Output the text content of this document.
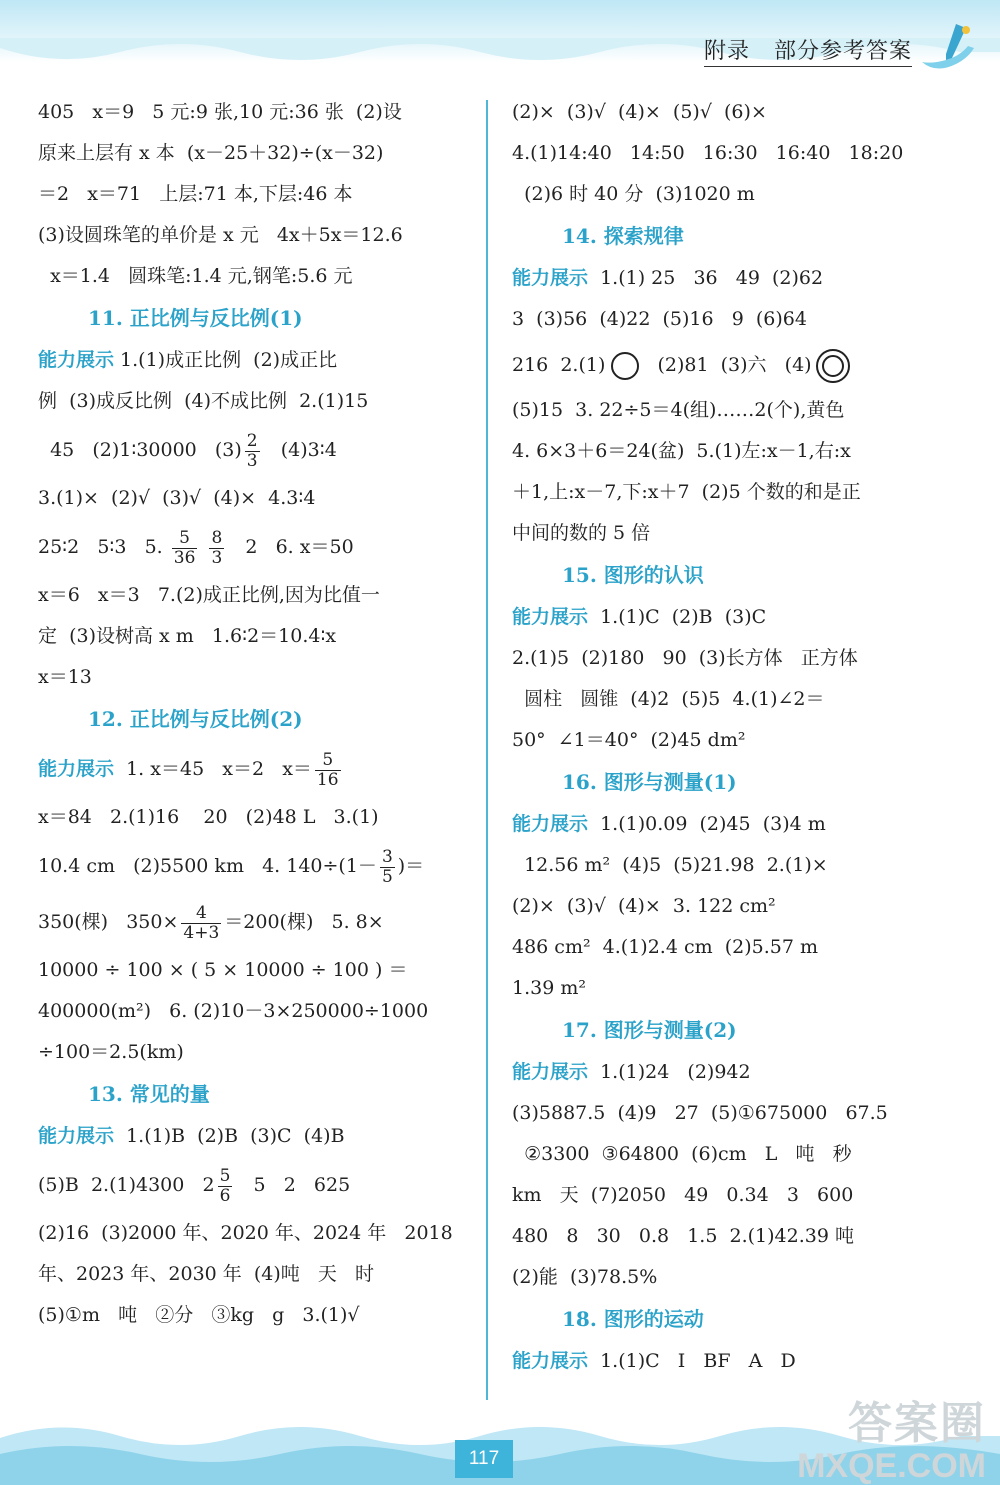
附录 部分参考答案
405   x＝9   5 元:9 张,10 元:36 张  (2)设
原来上层有 x 本  (x－25＋32)÷(x－32)
＝2   x＝71   上层:71 本,下层:46 本
(3)设圆珠笔的单价是 x 元   4x＋5x＝12.6
x＝1.4   圆珠笔:1.4 元,钢笔:5.6 元
11. 正比例与反比例(1)
能力展示 1.(1)成正比例  (2)成正比
例  (3)成反比例  (4)不成比例  2.(1)15
45   (2)1∶30000   $(3) \frac{2}{3}$ (4)3∶4
3.(1)×  (2)√  (3)√  (4)×  4.3∶4
25∶2   5∶3   5. $\frac{5}{36}$
$\frac{8}{3} 2$   6. x＝50
x＝6   x＝3   7.(2)成正比例,因为比值一
定  (3)设树高 x m   1.6∶2＝10.4∶x
x＝13
12. 正比例与反比例(2)
能力展示  1. x＝45   x＝2   $x= \frac{5}{16}$
x＝84   2.(1)16    20   (2)48 L   3.(1)
10.4 cm   (2)5500 km   4. $140\div(1- \frac{3}{5}$ )＝
350(棵)   $350\times \frac{4}{4+3} =200$(棵)   5. 8×
10000 ÷ 100 × ( 5 × 10000 ÷ 100 ) ＝
400000(m²)   6. (2)10－3×250000÷1000
÷100＝2.5(km)
13. 常见的量
能力展示  1.(1)B  (2)B  (3)C  (4)B
(5)B  2.(1)4300   $2 \frac{5}{6} 5$   2   625
(2)16  (3)2000 年、2020 年、2024 年   2018
年、2023 年、2030 年  (4)吨   天   时
(5)①m   吨   ②分   ③kg   g   3.(1)√
(2)×  (3)√  (4)×  (5)√  (6)×
4.(1)14:40   14:50   16:30   16:40   18:20
(2)6 时 40 分  (3)1020 m
14. 探索规律
能力展示  1.(1) 25   36   49  (2)62
3  (3)56  (4)22  (5)16   9  (6)64
216  2.(1)  (2)81  (3)六   (4)
(5)15  3. 22÷5＝4(组)……2(个),黄色
4. 6×3＋6＝24(盆)  5.(1)左:x－1,右:x
＋1,上:x－7,下:x＋7  (2)5 个数的和是正
中间的数的 5 倍
15. 图形的认识
能力展示  1.(1)C  (2)B  (3)C
2.(1)5  (2)180   90  (3)长方体   正方体
圆柱   圆锥  (4)2  (5)5  4.(1)∠2＝
50°  ∠1＝40°  (2)45 dm²
16. 图形与测量(1)
能力展示  1.(1)0.09  (2)45  (3)4 m
12.56 m²  (4)5  (5)21.98  2.(1)×
(2)×  (3)√  (4)×  3. 122 cm²
486 cm²  4.(1)2.4 cm  (2)5.57 m
1.39 m²
17. 图形与测量(2)
能力展示  1.(1)24   (2)942
(3)5887.5  (4)9   27  (5)①675000   67.5
②3300  ③64800  (6)cm   L   吨   秒
km   天  (7)2050   49   0.34   3   600
480   8   30   0.8   1.5  2.(1)42.39 吨
(2)能  (3)78.5%
18. 图形的运动
能力展示  1.(1)C   I   BF   A   D
117
答案圈
MXQE.COM
